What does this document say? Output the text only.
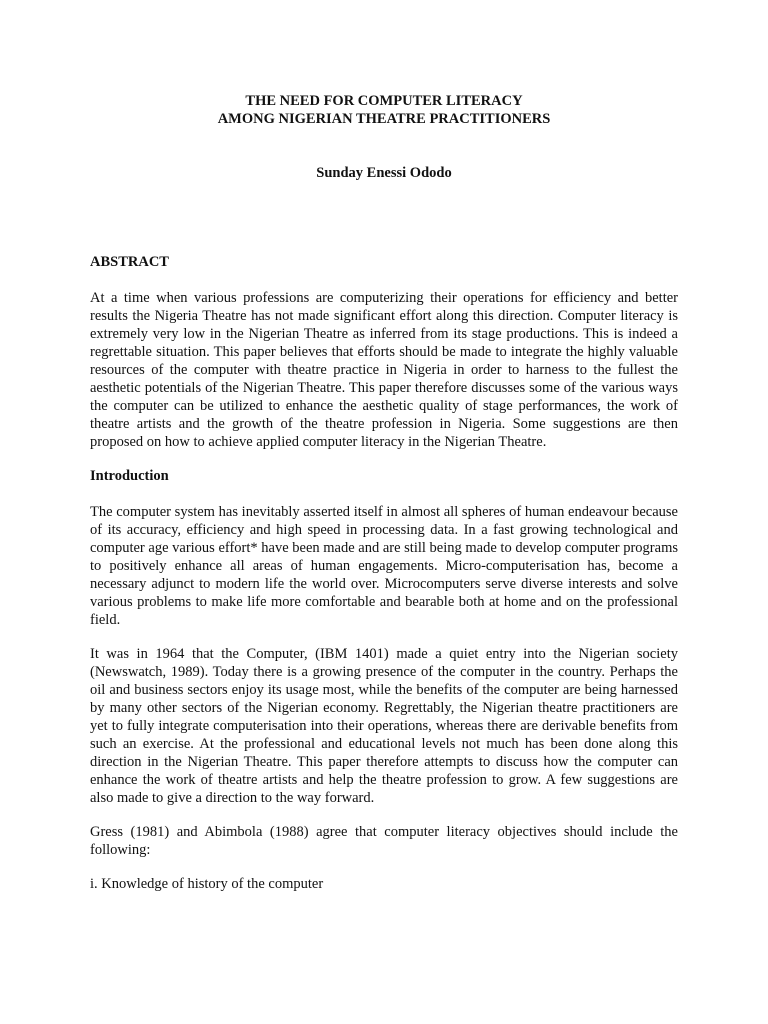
THE NEED FOR COMPUTER LITERACY
AMONG NIGERIAN THEATRE PRACTITIONERS
Sunday Enessi Ododo

ABSTRACT

At a time when various professions are computerizing their operations for efficiency and better results the Nigeria Theatre has not made significant effort along this direction. Computer literacy is extremely very low in the Nigerian Theatre as inferred from its stage productions. This is indeed a regrettable situation. This paper believes that efforts should be made to integrate the highly valuable resources of the computer with theatre practice in Nigeria in order to harness to the fullest the aesthetic potentials of the Nigerian Theatre. This paper therefore discusses some of the various ways the computer can be utilized to enhance the aesthetic quality of stage performances, the work of theatre artists and the growth of the theatre profession in Nigeria. Some suggestions are then proposed on how to achieve applied computer literacy in the Nigerian Theatre.

Introduction

The computer system has inevitably asserted itself in almost all spheres of human endeavour because of its accuracy, efficiency and high speed in processing data. In a fast growing technological and computer age various effort* have been made and are still being made to develop computer programs to positively enhance all areas of human engagements. Micro-computerisation has, become a necessary adjunct to modern life the world over. Microcomputers serve diverse interests and solve various problems to make life more comfortable and bearable both at home and on the professional field.

It was in 1964 that the Computer, (IBM 1401) made a quiet entry into the Nigerian society (Newswatch, 1989). Today there is a growing presence of the computer in the country. Perhaps the oil and business sectors enjoy its usage most, while the benefits of the computer are being harnessed by many other sectors of the Nigerian economy. Regrettably, the Nigerian theatre practitioners are yet to fully integrate computerisation into their operations, whereas there are derivable benefits from such an exercise. At the professional and educational levels not much has been done along this direction in the Nigerian Theatre. This paper therefore attempts to discuss how the computer can enhance the work of theatre artists and help the theatre profession to grow. A few suggestions are also made to give a direction to the way forward.

Gress (1981) and Abimbola (1988) agree that computer literacy objectives should include the following:

i. Knowledge of history of the computer
